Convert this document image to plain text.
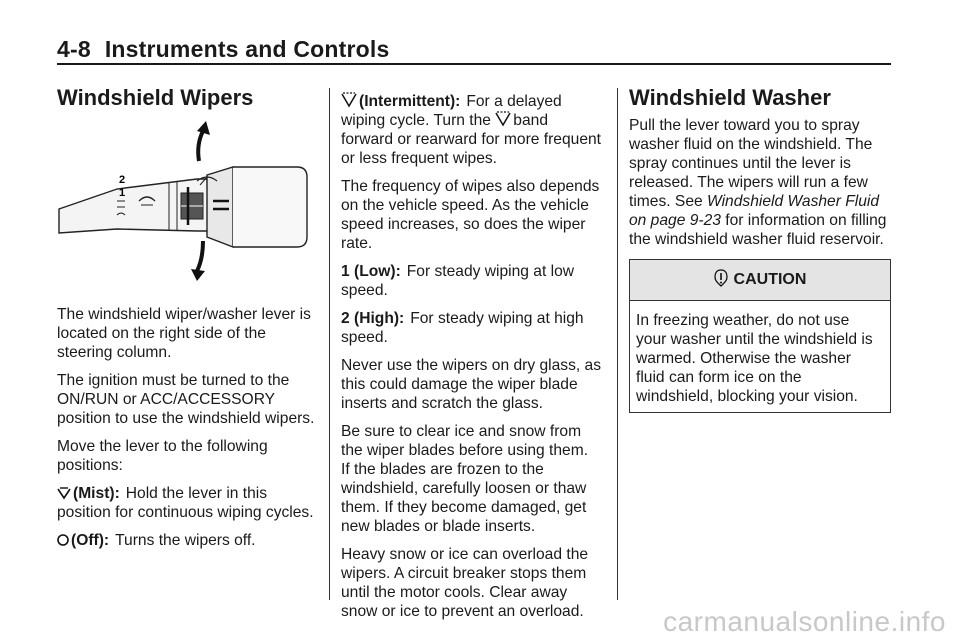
4-8 Instruments and Controls
Windshield Wipers
2
1

The windshield wiper/washer lever is located on the right side of the steering column.

The ignition must be turned to the ON/RUN or ACC/ACCESSORY position to use the windshield wipers.

Move the lever to the following positions:

(Mist): Hold the lever in this position for continuous wiping cycles.

(Off): Turns the wipers off.

(Intermittent): For a delayed wiping cycle. Turn the band forward or rearward for more frequent or less frequent wipes.

The frequency of wipes also depends on the vehicle speed. As the vehicle speed increases, so does the wiper rate.

1 (Low): For steady wiping at low speed.

2 (High): For steady wiping at high speed.

Never use the wipers on dry glass, as this could damage the wiper blade inserts and scratch the glass.

Be sure to clear ice and snow from the wiper blades before using them. If the blades are frozen to the windshield, carefully loosen or thaw them. If they become damaged, get new blades or blade inserts.

Heavy snow or ice can overload the wipers. A circuit breaker stops them until the motor cools. Clear away snow or ice to prevent an overload.

Windshield Washer

Pull the lever toward you to spray washer fluid on the windshield. The spray continues until the lever is released. The wipers will run a few times. See Windshield Washer Fluid on page 9-23 for information on filling the windshield washer fluid reservoir.

CAUTION
In freezing weather, do not use your washer until the windshield is warmed. Otherwise the washer fluid can form ice on the windshield, blocking your vision.
carmanualsonline.info
